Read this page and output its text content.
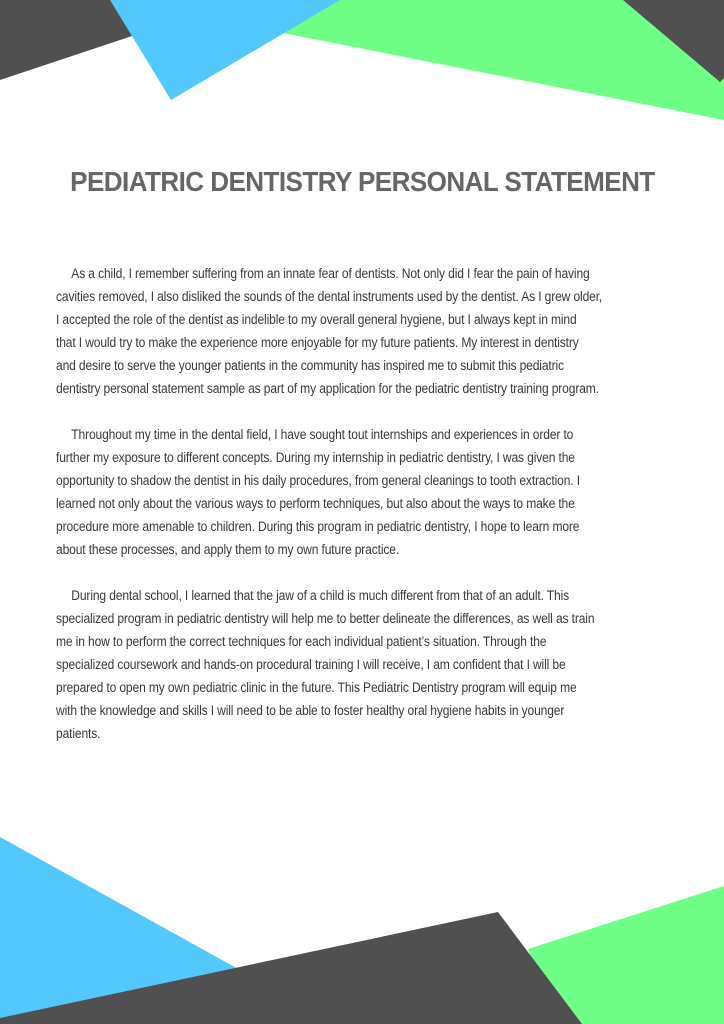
PEDIATRIC DENTISTRY PERSONAL STATEMENT
As a child, I remember suffering from an innate fear of dentists. Not only did I fear the pain of having
cavities removed, I also disliked the sounds of the dental instruments used by the dentist. As I grew older,
I accepted the role of the dentist as indelible to my overall general hygiene, but I always kept in mind
that I would try to make the experience more enjoyable for my future patients. My interest in dentistry
and desire to serve the younger patients in the community has inspired me to submit this pediatric
dentistry personal statement sample as part of my application for the pediatric dentistry training program.
Throughout my time in the dental field, I have sought tout internships and experiences in order to
further my exposure to different concepts. During my internship in pediatric dentistry, I was given the
opportunity to shadow the dentist in his daily procedures, from general cleanings to tooth extraction. I
learned not only about the various ways to perform techniques, but also about the ways to make the
procedure more amenable to children. During this program in pediatric dentistry, I hope to learn more
about these processes, and apply them to my own future practice.
During dental school, I learned that the jaw of a child is much different from that of an adult. This
specialized program in pediatric dentistry will help me to better delineate the differences, as well as train
me in how to perform the correct techniques for each individual patient’s situation. Through the
specialized coursework and hands-on procedural training I will receive, I am confident that I will be
prepared to open my own pediatric clinic in the future. This Pediatric Dentistry program will equip me
with the knowledge and skills I will need to be able to foster healthy oral hygiene habits in younger
patients.
